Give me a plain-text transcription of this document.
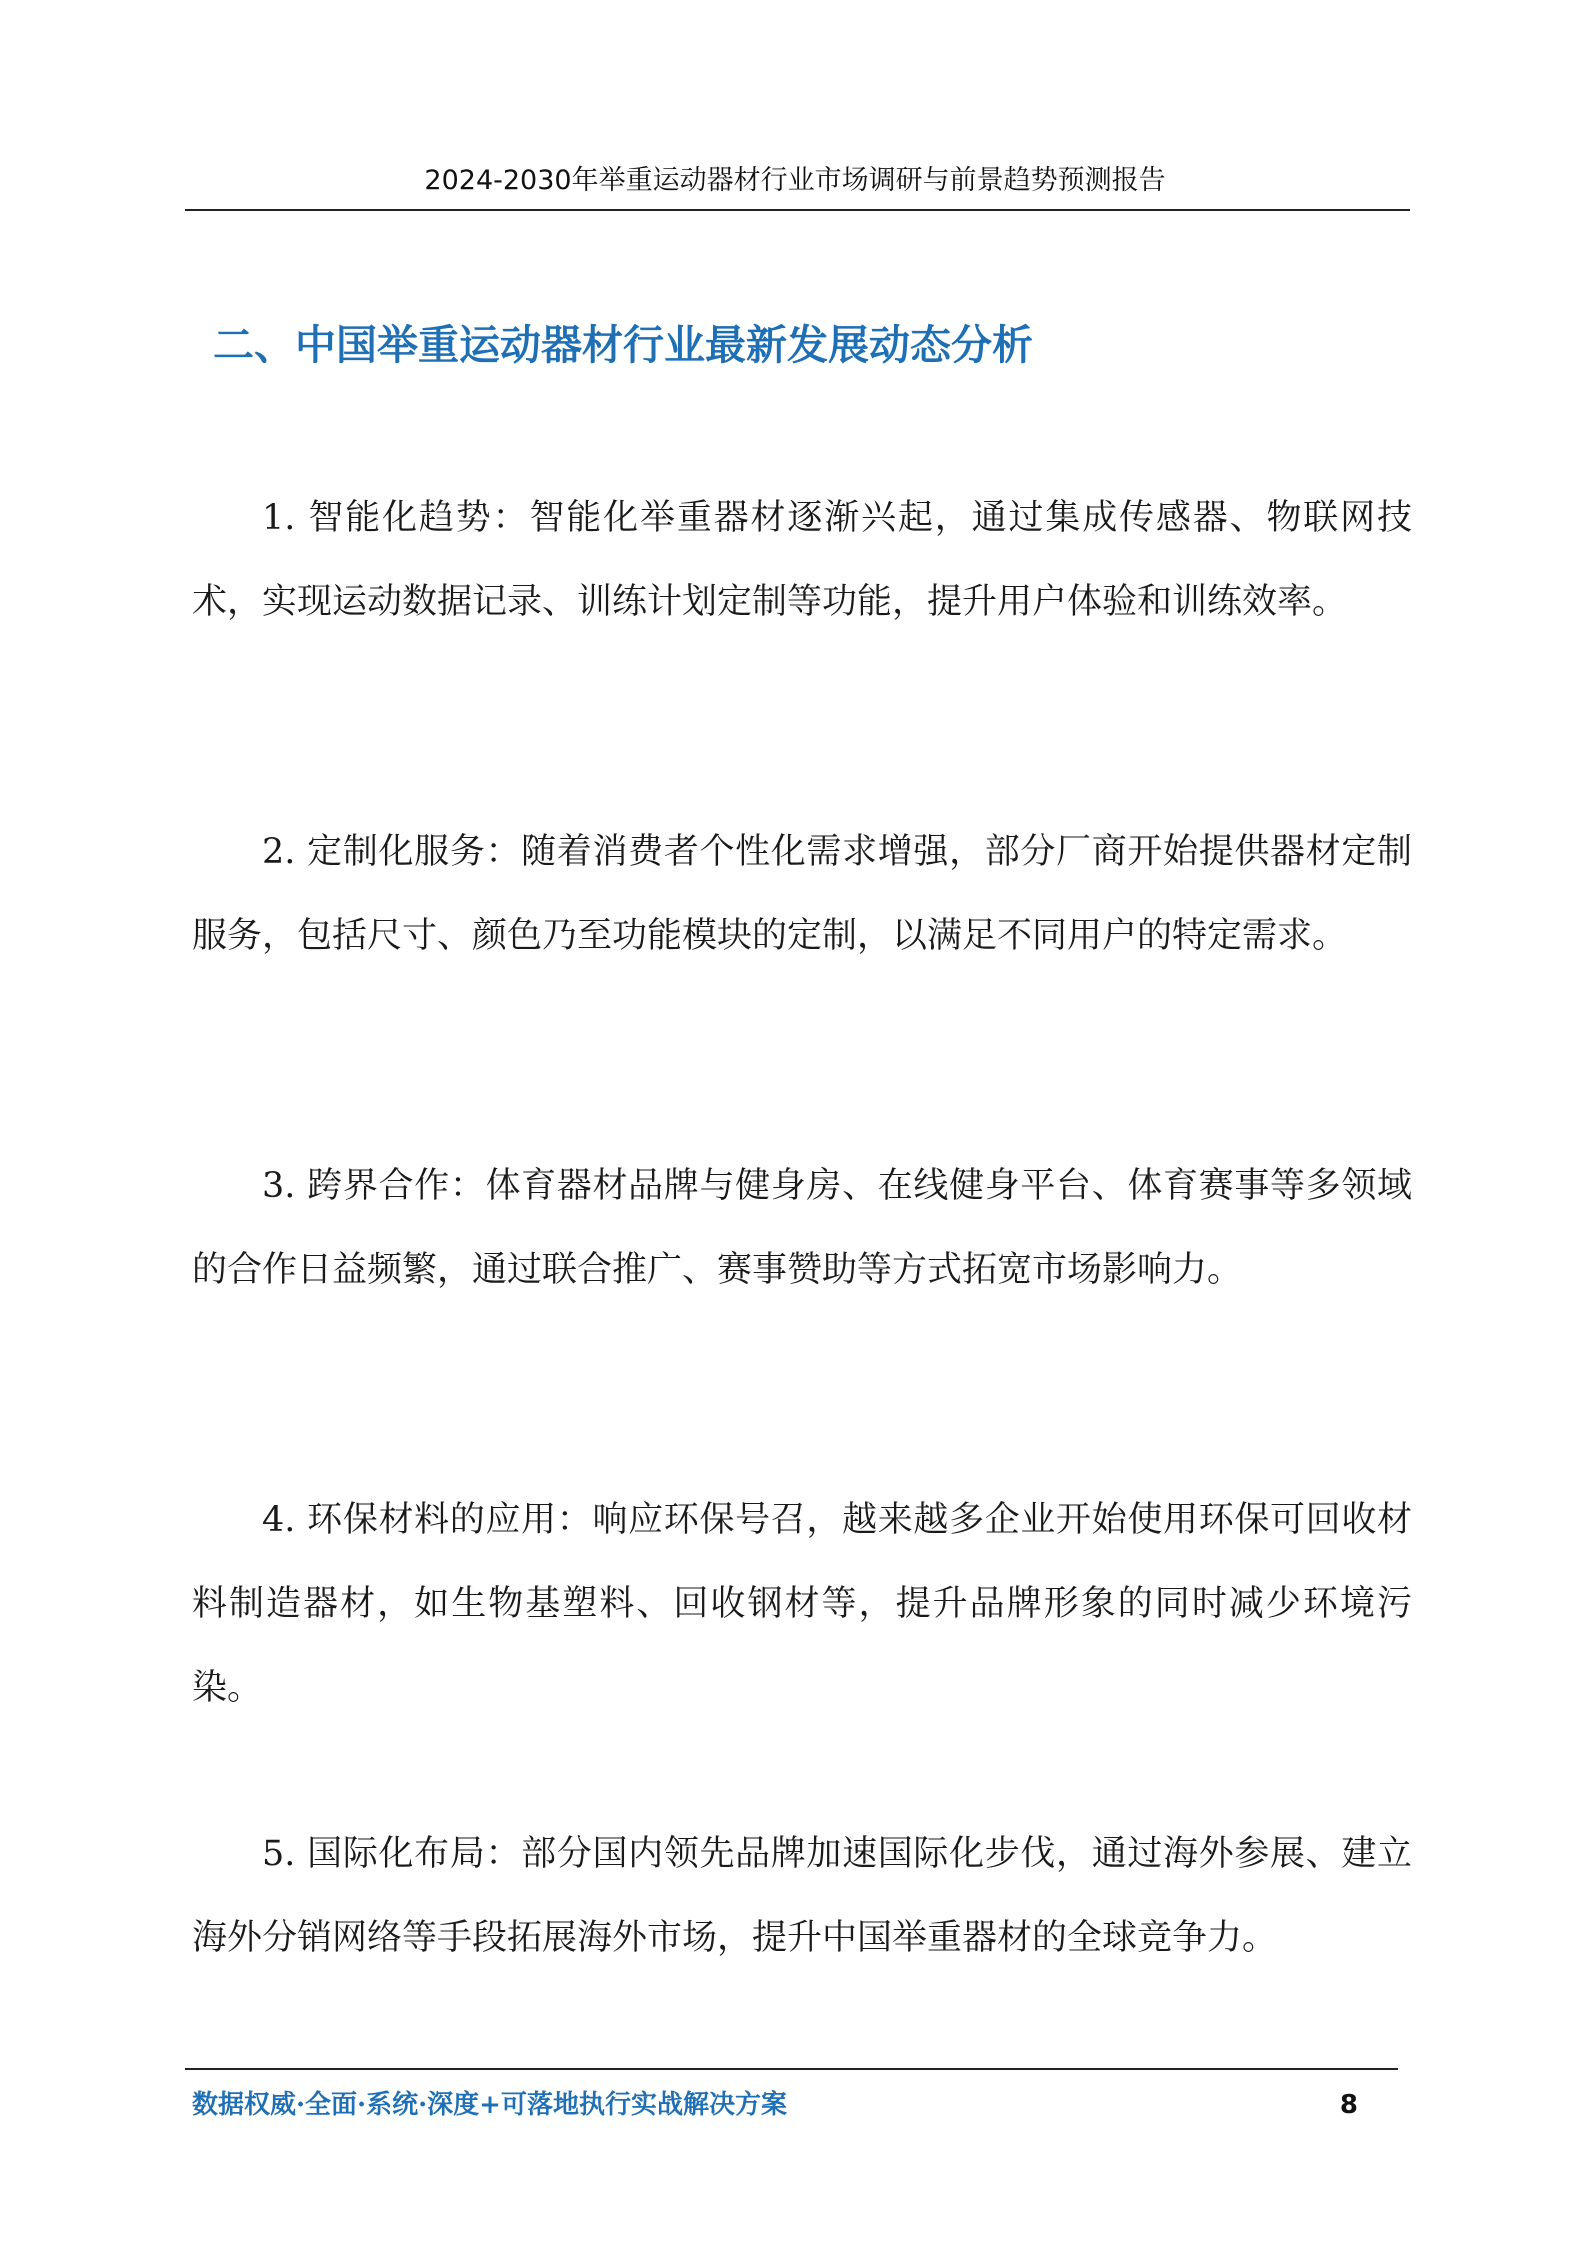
2024-2030年举重运动器材行业市场调研与前景趋势预测报告
二、中国举重运动器材行业最新发展动态分析

1. 智能化趋势：智能化举重器材逐渐兴起，通过集成传感器、物联网技术，实现运动数据记录、训练计划定制等功能，提升用户体验和训练效率。

2. 定制化服务：随着消费者个性化需求增强，部分厂商开始提供器材定制服务，包括尺寸、颜色乃至功能模块的定制，以满足不同用户的特定需求。

3. 跨界合作：体育器材品牌与健身房、在线健身平台、体育赛事等多领域的合作日益频繁，通过联合推广、赛事赞助等方式拓宽市场影响力。

4. 环保材料的应用：响应环保号召，越来越多企业开始使用环保可回收材料制造器材，如生物基塑料、回收钢材等，提升品牌形象的同时减少环境污染。

5. 国际化布局：部分国内领先品牌加速国际化步伐，通过海外参展、建立海外分销网络等手段拓展海外市场，提升中国举重器材的全球竞争力。

数据权威·全面·系统·深度+可落地执行实战解决方案	8
